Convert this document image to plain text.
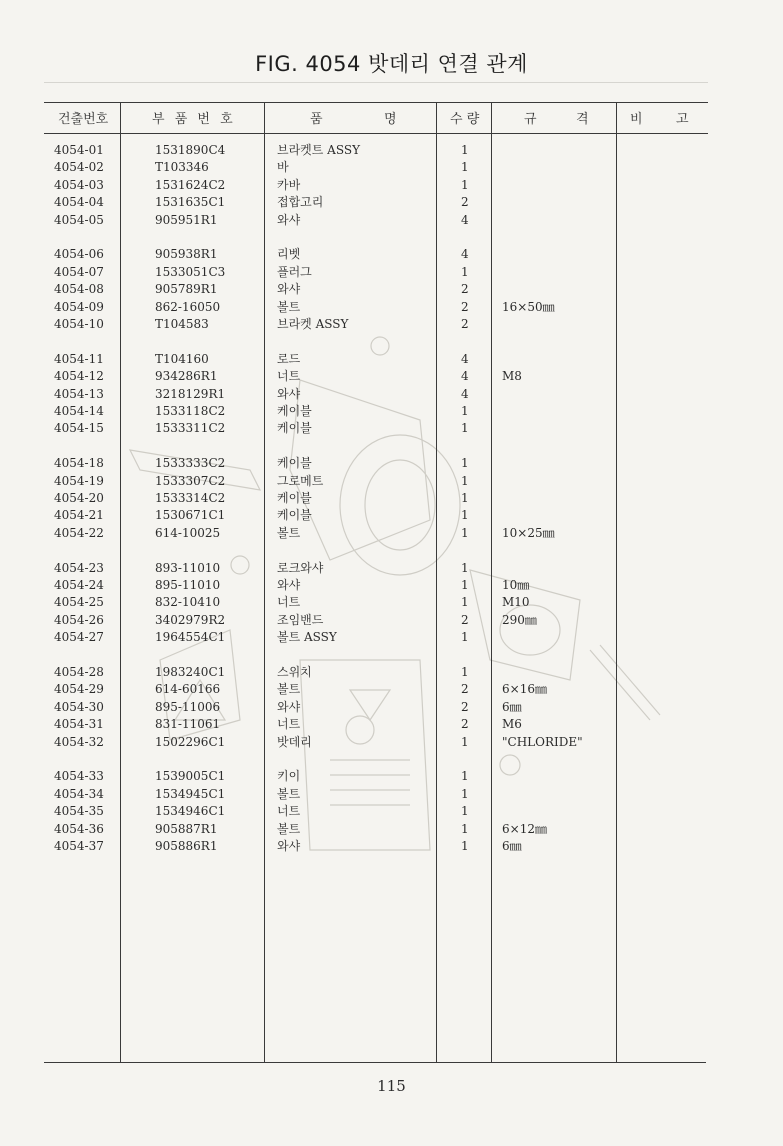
FIG. 4054 밧데리 연결 관계
건출번호	부 품 번 호	품	명	수 량	규	격	비	고
4054-01	1531890C4	브라켓트 ASSY	1
4054-02	T103346	바	1
4054-03	1531624C2	카바	1
4054-04	1531635C1	접합고리	2
4054-05	905951R1	와샤	4
4054-06	905938R1	리벳	4
4054-07	1533051C3	플러그	1
4054-08	905789R1	와샤	2
4054-09	862-16050	볼트	2	16×50㎜
4054-10	T104583	브라켓 ASSY	2
4054-11	T104160	로드	4
4054-12	934286R1	너트	4	M8
4054-13	3218129R1	와샤	4
4054-14	1533118C2	케이블	1
4054-15	1533311C2	케이블	1
4054-18	1533333C2	케이블	1
4054-19	1533307C2	그로메트	1
4054-20	1533314C2	케이블	1
4054-21	1530671C1	케이블	1
4054-22	614-10025	볼트	1	10×25㎜
4054-23	893-11010	로크와샤	1
4054-24	895-11010	와샤	1	10㎜
4054-25	832-10410	너트	1	M10
4054-26	3402979R2	조임밴드	2	290㎜
4054-27	1964554C1	볼트 ASSY	1
4054-28	1983240C1	스위치	1
4054-29	614-60166	볼트	2	6×16㎜
4054-30	895-11006	와샤	2	6㎜
4054-31	831-11061	너트	2	M6
4054-32	1502296C1	밧데리	1	"CHLORIDE"
4054-33	1539005C1	키이	1
4054-34	1534945C1	볼트	1
4054-35	1534946C1	너트	1
4054-36	905887R1	볼트	1	6×12㎜
4054-37	905886R1	와샤	1	6㎜
115
